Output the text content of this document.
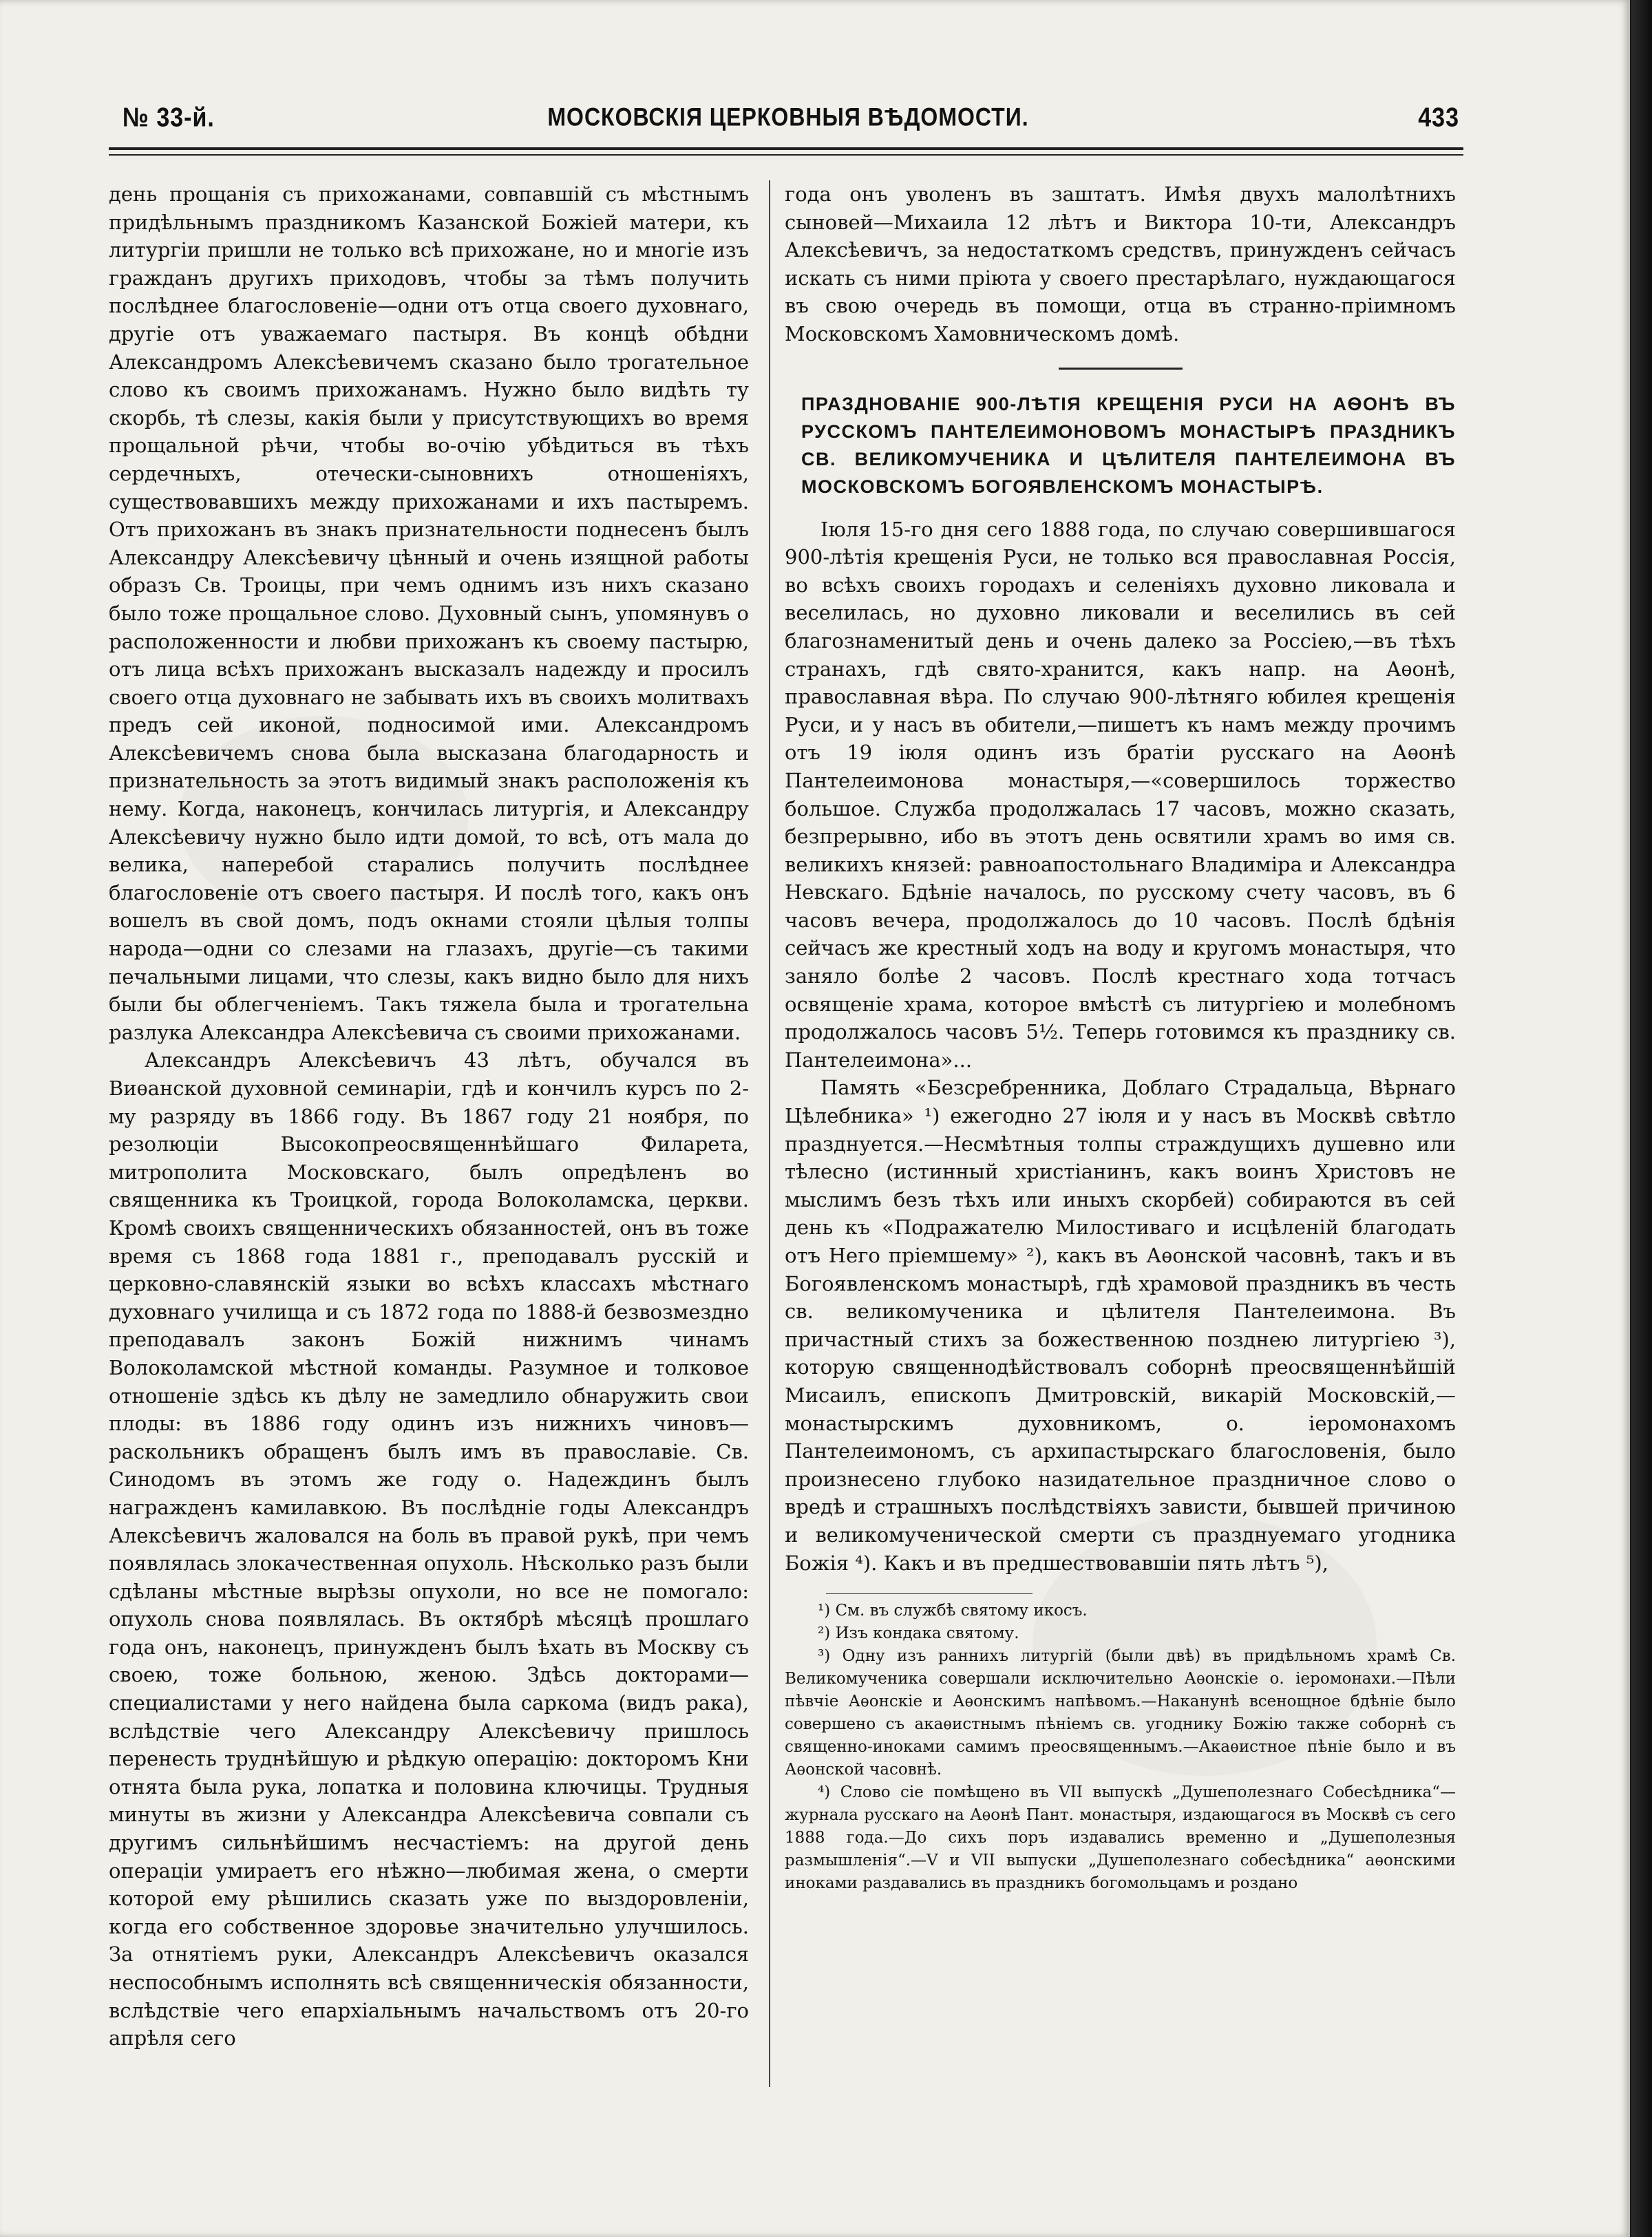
№ 33-й.	МОСКОВСКІЯ ЦЕРКОВНЫЯ ВѢДОМОСТИ.	433

день прощанія съ прихожанами, совпавшій съ мѣстнымъ придѣльнымъ праздникомъ Казанской Божіей матери, къ литургіи пришли не только всѣ прихожане, но и многіе изъ гражданъ другихъ приходовъ, чтобы за тѣмъ получить послѣднее благословеніе—одни отъ отца своего духовнаго, другіе отъ уважаемаго пастыря. Въ концѣ обѣдни Александромъ Алексѣевичемъ сказано было трогательное слово къ своимъ прихожанамъ. Нужно было видѣть ту скорбь, тѣ слезы, какія были у присутствующихъ во время прощальной рѣчи, чтобы во-очію убѣдиться въ тѣхъ сердечныхъ, отечески-сыновнихъ отношеніяхъ, существовавшихъ между прихожанами и ихъ пастыремъ. Отъ прихожанъ въ знакъ признательности поднесенъ былъ Александру Алексѣевичу цѣнный и очень изящной работы образъ Св. Троицы, при чемъ однимъ изъ нихъ сказано было тоже прощальное слово. Духовный сынъ, упомянувъ о расположенности и любви прихожанъ къ своему пастырю, отъ лица всѣхъ прихожанъ высказалъ надежду и просилъ своего отца духовнаго не забывать ихъ въ своихъ молитвахъ предъ сей иконой, подносимой ими. Александромъ Алексѣевичемъ снова была высказана благодарность и признательность за этотъ видимый знакъ расположенія къ нему. Когда, наконецъ, кончилась литургія, и Александру Алексѣевичу нужно было идти домой, то всѣ, отъ мала до велика, наперебой старались получить послѣднее благословеніе отъ своего пастыря. И послѣ того, какъ онъ вошелъ въ свой домъ, подъ окнами стояли цѣлыя толпы народа—одни со слезами на глазахъ, другіе—съ такими печальными лицами, что слезы, какъ видно было для нихъ были бы облегченіемъ. Такъ тяжела была и трогательна разлука Александра Алексѣевича съ своими прихожанами.

Александръ Алексѣевичъ 43 лѣтъ, обучался въ Виѳанской духовной семинаріи, гдѣ и кончилъ курсъ по 2-му разряду въ 1866 году. Въ 1867 году 21 ноября, по резолюціи Высокопреосвященнѣйшаго Филарета, митрополита Московскаго, былъ опредѣленъ во священника къ Троицкой, города Волоколамска, церкви. Кромѣ своихъ священническихъ обязанностей, онъ въ тоже время съ 1868 года 1881 г., преподавалъ русскій и церковно-славянскій языки во всѣхъ классахъ мѣстнаго духовнаго училища и съ 1872 года по 1888-й безвозмездно преподавалъ законъ Божій нижнимъ чинамъ Волоколамской мѣстной команды. Разумное и толковое отношеніе здѣсь къ дѣлу не замедлило обнаружить свои плоды: въ 1886 году одинъ изъ нижнихъ чиновъ—раскольникъ обращенъ былъ имъ въ православіе. Св. Синодомъ въ этомъ же году о. Надеждинъ былъ награжденъ камилавкою. Въ послѣдніе годы Александръ Алексѣевичъ жаловался на боль въ правой рукѣ, при чемъ появлялась злокачественная опухоль. Нѣсколько разъ были сдѣланы мѣстные вырѣзы опухоли, но все не помогало: опухоль снова появлялась. Въ октябрѣ мѣсяцѣ прошлаго года онъ, наконецъ, принужденъ былъ ѣхать въ Москву съ своею, тоже больною, женою. Здѣсь докторами—специалистами у него найдена была саркома (видъ рака), вслѣдствіе чего Александру Алексѣевичу пришлось перенесть труднѣйшую и рѣдкую операцію: докторомъ Кни отнята была рука, лопатка и половина ключицы. Трудныя минуты въ жизни у Александра Алексѣевича совпали съ другимъ сильнѣйшимъ несчастіемъ: на другой день операціи умираетъ его нѣжно—любимая жена, о смерти которой ему рѣшились сказать уже по выздоровленіи, когда его собственное здоровье значительно улучшилось. За отнятіемъ руки, Александръ Алексѣевичъ оказался неспособнымъ исполнять всѣ священническія обязанности, вслѣдствіе чего епархіальнымъ начальствомъ отъ 20-го апрѣля сего

года онъ уволенъ въ заштатъ. Имѣя двухъ малолѣтнихъ сыновей—Михаила 12 лѣтъ и Виктора 10-ти, Александръ Алексѣевичъ, за недостаткомъ средствъ, принужденъ сейчасъ искать съ ними пріюта у своего престарѣлаго, нуждающагося въ свою очередь въ помощи, отца въ странно-пріимномъ Московскомъ Хамовническомъ домѣ.

ПРАЗДНОВАНІЕ 900-ЛѢТІЯ КРЕЩЕНІЯ РУСИ НА АѲОНѢ ВЪ РУССКОМЪ ПАНТЕЛЕИМОНОВОМЪ МОНАСТЫРѢ ПРАЗДНИКЪ СВ. ВЕЛИКОМУЧЕНИКА И ЦѢЛИТЕЛЯ ПАНТЕЛЕИМОНА ВЪ МОСКОВСКОМЪ БОГОЯВЛЕНСКОМЪ МОНАСТЫРѢ.

Іюля 15-го дня сего 1888 года, по случаю совершившагося 900-лѣтія крещенія Руси, не только вся православная Россія, во всѣхъ своихъ городахъ и селеніяхъ духовно ликовала и веселилась, но духовно ликовали и веселились въ сей благознаменитый день и очень далеко за Россіею,—въ тѣхъ странахъ, гдѣ свято-хранится, какъ напр. на Аѳонѣ, православная вѣра. По случаю 900-лѣтняго юбилея крещенія Руси, и у насъ въ обители,—пишетъ къ намъ между прочимъ отъ 19 іюля одинъ изъ братіи русскаго на Аѳонѣ Пантелеимонова монастыря,—«совершилось торжество большое. Служба продолжалась 17 часовъ, можно сказать, безпрерывно, ибо въ этотъ день освятили храмъ во имя св. великихъ князей: равноапостольнаго Владиміра и Александра Невскаго. Бдѣніе началось, по русскому счету часовъ, въ 6 часовъ вечера, продолжалось до 10 часовъ. Послѣ бдѣнія сейчасъ же крестный ходъ на воду и кругомъ монастыря, что заняло болѣе 2 часовъ. Послѣ крестнаго хода тотчасъ освященіе храма, которое вмѣстѣ съ литургіею и молебномъ продолжалось часовъ 5½. Теперь готовимся къ празднику св. Пантелеимона»...

Память «Безсребренника, Доблаго Страдальца, Вѣрнаго Цѣлебника» ¹) ежегодно 27 іюля и у насъ въ Москвѣ свѣтло празднуется.—Несмѣтныя толпы страждущихъ душевно или тѣлесно (истинный христіанинъ, какъ воинъ Христовъ не мыслимъ безъ тѣхъ или иныхъ скорбей) собираются въ сей день къ «Подражателю Милостиваго и исцѣленій благодать отъ Него пріемшему» ²), какъ въ Аѳонской часовнѣ, такъ и въ Богоявленскомъ монастырѣ, гдѣ храмовой праздникъ въ честь св. великомученика и цѣлителя Пантелеимона. Въ причастный стихъ за божественною позднею литургіею ³), которую священнодѣйствовалъ соборнѣ преосвященнѣйшій Мисаилъ, епископъ Дмитровскій, викарій Московскій,—монастырскимъ духовникомъ, о. іеромонахомъ Пантелеимономъ, съ архипастырскаго благословенія, было произнесено глубоко назидательное праздничное слово о вредѣ и страшныхъ послѣдствіяхъ зависти, бывшей причиною и великомученической смерти съ празднуемаго угодника Божія ⁴). Какъ и въ предшествовавшіи пять лѣтъ ⁵),

¹) См. въ службѣ святому икосъ.

²) Изъ кондака святому.

³) Одну изъ раннихъ литургій (были двѣ) въ придѣльномъ храмѣ Св. Великомученика совершали исключительно Аѳонскіе о. іеромонахи.—Пѣли пѣвчіе Аѳонскіе и Аѳонскимъ напѣвомъ.—Наканунѣ всенощное бдѣніе было совершено съ акаѳистнымъ пѣніемъ св. угоднику Божію также соборнѣ съ священно-иноками самимъ преосвященнымъ.—Акаѳистное пѣніе было и въ Аѳонской часовнѣ.

⁴) Слово сіе помѣщено въ VII выпускѣ „Душеполезнаго Собесѣдника“—журнала русскаго на Аѳонѣ Пант. монастыря, издающагося въ Москвѣ съ сего 1888 года.—До сихъ поръ издавались временно и „Душеполезныя размышленія“.—V и VII выпуски „Душеполезнаго собесѣдника“ аѳонскими иноками раздавались въ праздникъ богомольцамъ и роздано
